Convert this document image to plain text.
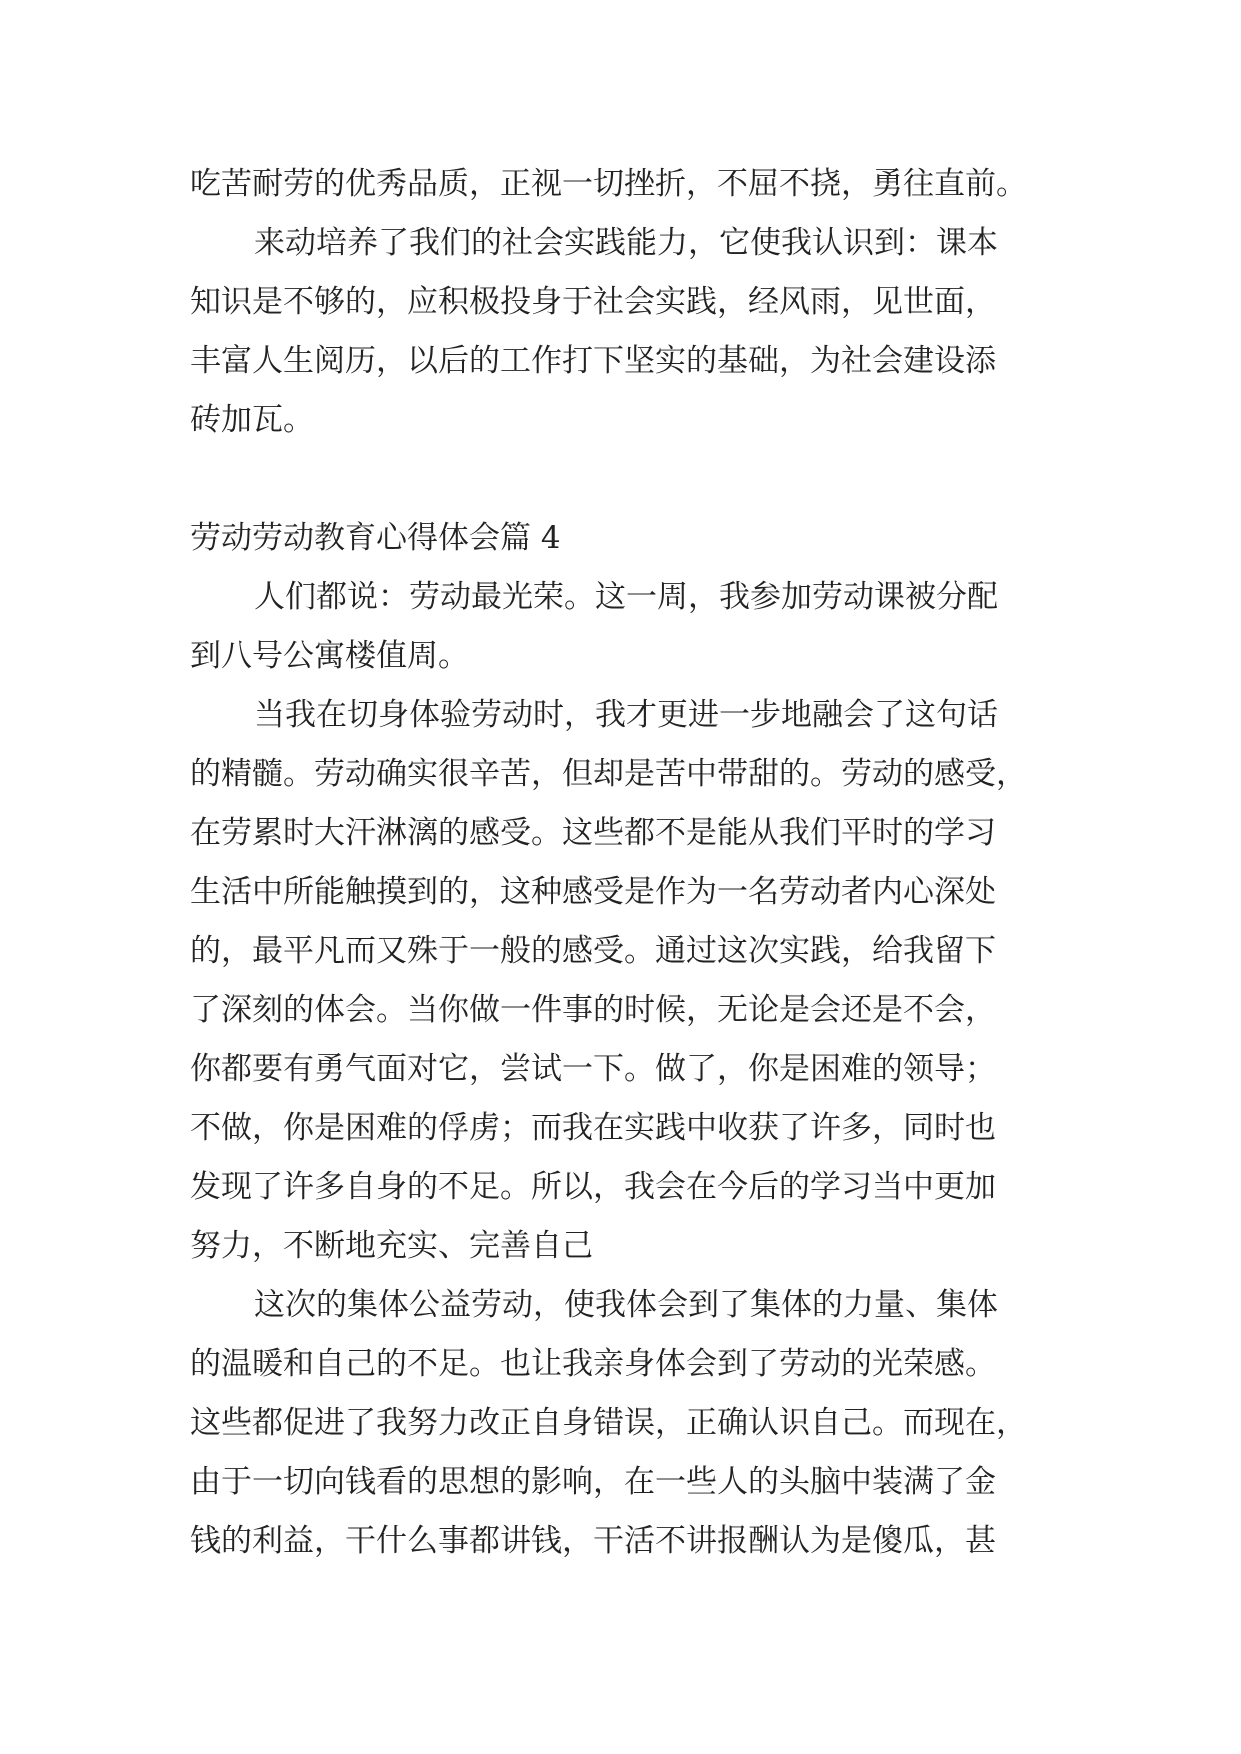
吃苦耐劳的优秀品质，正视一切挫折，不屈不挠，勇往直前。
来动培养了我们的社会实践能力，它使我认识到：课本
知识是不够的，应积极投身于社会实践，经风雨，见世面，
丰富人生阅历，以后的工作打下坚实的基础，为社会建设添
砖加瓦。
劳动劳动教育心得体会篇 4
人们都说：劳动最光荣。这一周，我参加劳动课被分配
到八号公寓楼值周。
当我在切身体验劳动时，我才更进一步地融会了这句话
的精髓。劳动确实很辛苦，但却是苦中带甜的。劳动的感受，
在劳累时大汗淋漓的感受。这些都不是能从我们平时的学习
生活中所能触摸到的，这种感受是作为一名劳动者内心深处
的，最平凡而又殊于一般的感受。通过这次实践，给我留下
了深刻的体会。当你做一件事的时候，无论是会还是不会，
你都要有勇气面对它，尝试一下。做了，你是困难的领导；
不做，你是困难的俘虏；而我在实践中收获了许多，同时也
发现了许多自身的不足。所以，我会在今后的学习当中更加
努力，不断地充实、完善自己
这次的集体公益劳动，使我体会到了集体的力量、集体
的温暖和自己的不足。也让我亲身体会到了劳动的光荣感。
这些都促进了我努力改正自身错误，正确认识自己。而现在，
由于一切向钱看的思想的影响，在一些人的头脑中装满了金
钱的利益，干什么事都讲钱，干活不讲报酬认为是傻瓜，甚
